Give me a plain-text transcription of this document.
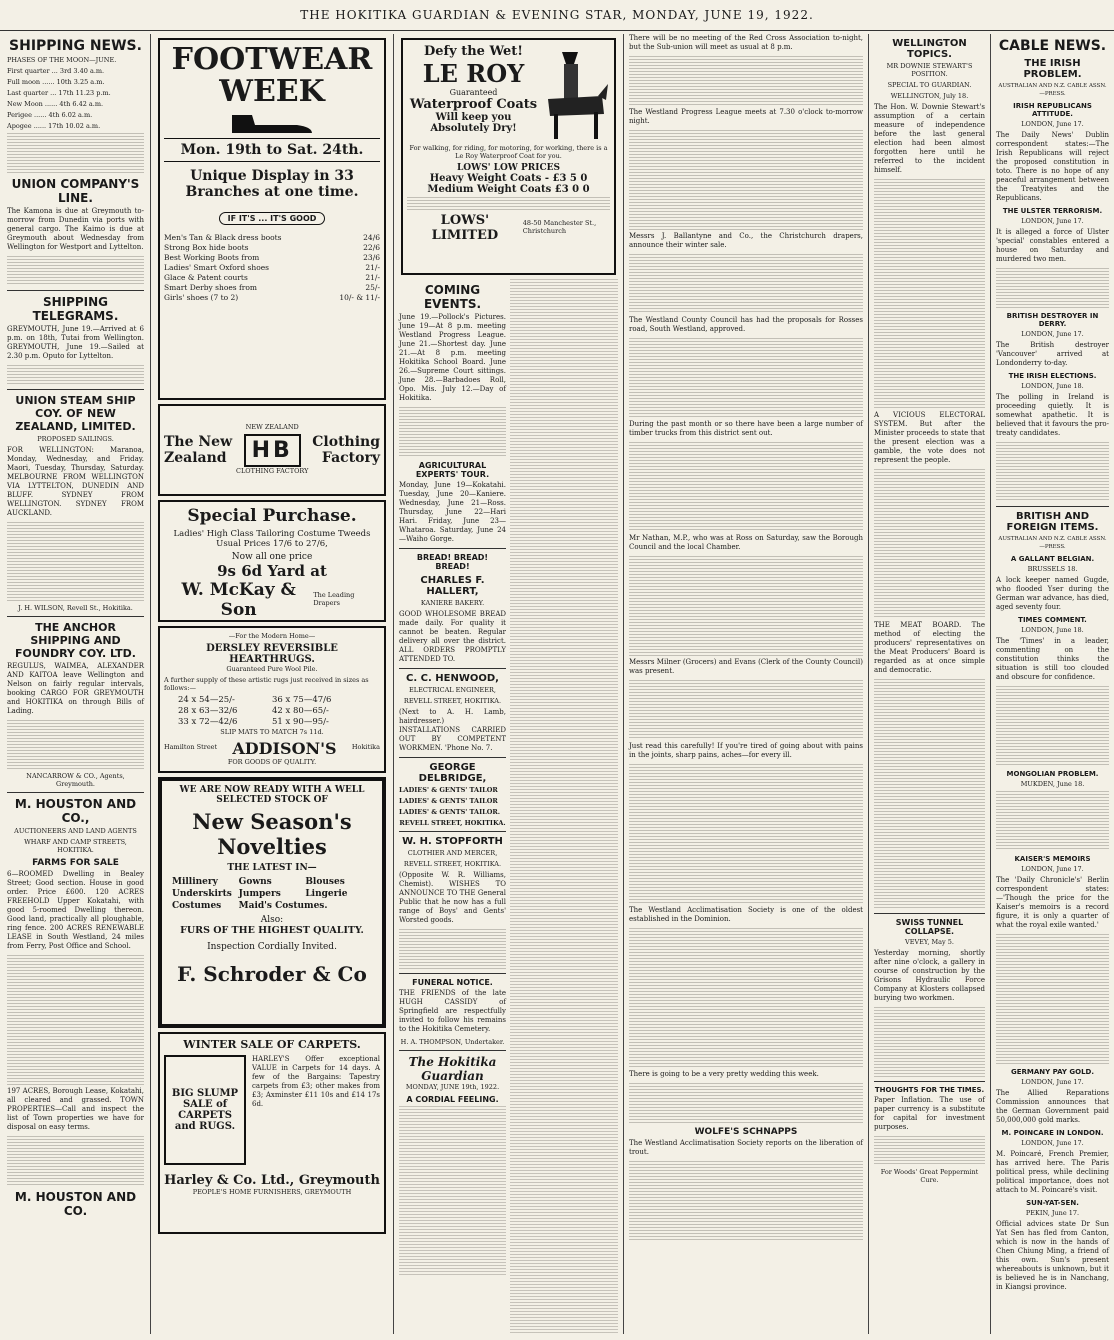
THE HOKITIKA GUARDIAN & EVENING STAR, MONDAY, JUNE 19, 1922.
SHIPPING NEWS.
PHASES OF THE MOON—JUNE.
First quarter ... 3rd 3.40 a.m.
Full moon ...... 10th 3.25 a.m.
Last quarter ... 17th 11.23 p.m.
New Moon ...... 4th 6.42 a.m.
Perigee ...... 4th 6.02 a.m.
Apogee ...... 17th 10.02 a.m.
UNION COMPANY'S LINE.
The Kamona is due at Greymouth to-morrow from Dunedin via ports with general cargo. The Kaimo is due at Greymouth about Wednesday from Wellington for Westport and Lyttelton.
SHIPPING TELEGRAMS.
GREYMOUTH, June 19.—Arrived at 6 p.m. on 18th, Tutai from Wellington. GREYMOUTH, June 19.—Sailed at 2.30 p.m. Oputo for Lyttelton.
UNION STEAM SHIP COY. OF NEW ZEALAND, LIMITED.
PROPOSED SAILINGS.
FOR WELLINGTON: Maranoa, Monday, Wednesday, and Friday. Maori, Tuesday, Thursday, Saturday. MELBOURNE FROM WELLINGTON VIA LYTTELTON, DUNEDIN AND BLUFF. SYDNEY FROM WELLINGTON. SYDNEY FROM AUCKLAND.
J. H. WILSON, Revell St., Hokitika.
THE ANCHOR SHIPPING AND FOUNDRY COY. LTD.
REGULUS, WAIMEA, ALEXANDER AND KAITOA leave Wellington and Nelson on fairly regular intervals, booking CARGO FOR GREYMOUTH and HOKITIKA on through Bills of Lading.
NANCARROW & CO., Agents, Greymouth.
M. HOUSTON AND CO.,
AUCTIONEERS AND LAND AGENTS
WHARF AND CAMP STREETS, HOKITIKA.
FARMS FOR SALE
6—ROOMED Dwelling in Bealey Street; Good section. House in good order. Price £600. 120 ACRES FREEHOLD Upper Kokatahi, with good 5-roomed Dwelling thereon. Good land, practically all ploughable, ring fence. 200 ACRES RENEWABLE LEASE in South Westland, 24 miles from Ferry, Post Office and School.
197 ACRES, Borough Lease, Kokatahi, all cleared and grassed. TOWN PROPERTIES—Call and inspect the list of Town properties we have for disposal on easy terms.
M. HOUSTON AND CO.
FOOTWEAR WEEK
Mon. 19th to Sat. 24th.
Unique Display in 33 Branches at one time.
IF IT'S ... IT'S GOOD
Men's Tan & Black dress boots	24/6
Strong Box hide boots	22/6
Best Working Boots from	23/6
Ladies' Smart Oxford shoes	21/-
Glace & Patent courts	21/-
Smart Derby shoes from	25/-
Girls' shoes (7 to 2)	10/- & 11/-
The New
Zealand
NEW ZEALAND
HB
CLOTHING FACTORY
Clothing
Factory
Special Purchase.
Ladies' High Class Tailoring Costume Tweeds Usual Prices 17/6 to 27/6,
Now all one price
9s 6d Yard at
W. McKay & Son
The Leading Drapers
—For the Modern Home—
DERSLEY REVERSIBLE HEARTHRUGS.
Guaranteed Pure Wool Pile.
A further supply of these artistic rugs just received in sizes as follows:—
24 x 54—25/-	36 x 75—47/6
28 x 63—32/6	42 x 80—65/-
33 x 72—42/6	51 x 90—95/-
SLIP MATS TO MATCH 7s 11d.
Hamilton Street ADDISON'S Hokitika
FOR GOODS OF QUALITY.
WE ARE NOW READY WITH A WELL SELECTED STOCK OF
New Season's Novelties
THE LATEST IN—
Millinery	Gowns	Blouses
Underskirts Jumpers	Lingerie
Costumes	Maid's Costumes.
Also:
FURS OF THE HIGHEST QUALITY.
Inspection Cordially Invited.
F. Schroder & Co
WINTER SALE OF CARPETS.
BIG SLUMP SALE of CARPETS and RUGS.
HARLEY'S Offer exceptional VALUE in Carpets for 14 days. A few of the Bargains: Tapestry carpets from £3; other makes from £3; Axminster £11 10s and £14 17s 6d.
Harley & Co. Ltd., Greymouth
PEOPLE'S HOME FURNISHERS, GREYMOUTH
Defy the Wet!
LE ROY
Guaranteed
Waterproof Coats
Will keep you Absolutely Dry!
For walking, for riding, for motoring, for working, there is a Le Roy Waterproof Coat for you.
LOWS' LOW PRICES
Heavy Weight Coats - £3 5 0
Medium Weight Coats £3 0 0
LOWS' LIMITED
48-50 Manchester St., Christchurch
COMING EVENTS.
June 19.—Pollock's Pictures. June 19—At 8 p.m. meeting Westland Progress League. June 21.—Shortest day. June 21.—At 8 p.m. meeting Hokitika School Board. June 26.—Supreme Court sittings. June 28.—Barbadoes Roll, Opo. Mis. July 12.—Day of Hokitika.
AGRICULTURAL EXPERTS' TOUR.
Monday, June 19—Kokatahi. Tuesday, June 20—Kaniere. Wednesday, June 21—Ross. Thursday, June 22—Hari Hari. Friday, June 23—Whataroa. Saturday, June 24—Waiho Gorge.
BREAD! BREAD! BREAD!
CHARLES F. HALLERT,
KANIERE BAKERY.
GOOD WHOLESOME BREAD made daily. For quality it cannot be beaten. Regular delivery all over the district. ALL ORDERS PROMPTLY ATTENDED TO.
C. C. HENWOOD,
ELECTRICAL ENGINEER,
REVELL STREET, HOKITIKA.
(Next to A. H. Lamb, hairdresser.) INSTALLATIONS CARRIED OUT BY COMPETENT WORKMEN. 'Phone No. 7.
GEORGE DELBRIDGE,
LADIES' & GENTS' TAILOR
LADIES' & GENTS' TAILOR
LADIES' & GENTS' TAILOR.
REVELL STREET, HOKITIKA.
W. H. STOPFORTH
CLOTHIER AND MERCER,
REVELL STREET, HOKITIKA.
(Opposite W. R. Williams, Chemist). WISHES TO ANNOUNCE TO THE General Public that he now has a full range of Boys' and Gents' Worsted goods.
FUNERAL NOTICE.
THE FRIENDS of the late HUGH CASSIDY of Springfield are respectfully invited to follow his remains to the Hokitika Cemetery.
H. A. THOMPSON, Undertaker.
The Hokitika Guardian
MONDAY, JUNE 19th, 1922.
A CORDIAL FEELING.
There will be no meeting of the Red Cross Association to-night, but the Sub-union will meet as usual at 8 p.m.
The Westland Progress League meets at 7.30 o'clock to-morrow night.
Messrs J. Ballantyne and Co., the Christchurch drapers, announce their winter sale.
The Westland County Council has had the proposals for Rosses road, South Westland, approved.
During the past month or so there have been a large number of timber trucks from this district sent out.
Mr Nathan, M.P., who was at Ross on Saturday, saw the Borough Council and the local Chamber.
Messrs Milner (Grocers) and Evans (Clerk of the County Council) was present.
Just read this carefully! If you're tired of going about with pains in the joints, sharp pains, aches—for every ill.
The Westland Acclimatisation Society is one of the oldest established in the Dominion.
There is going to be a very pretty wedding this week.
WOLFE'S SCHNAPPS
The Westland Acclimatisation Society reports on the liberation of trout.
WELLINGTON TOPICS.
MR DOWNIE STEWART'S POSITION.
SPECIAL TO GUARDIAN.
WELLINGTON, July 18.
The Hon. W. Downie Stewart's assumption of a certain measure of independence before the last general election had been almost forgotten here until he referred to the incident himself.
A VICIOUS ELECTORAL SYSTEM. But after the Minister proceeds to state that the present election was a gamble, the vote does not represent the people.
THE MEAT BOARD. The method of electing the producers' representatives on the Meat Producers' Board is regarded as at once simple and democratic.
SWISS TUNNEL COLLAPSE.
VEVEY, May 5.
Yesterday morning, shortly after nine o'clock, a gallery in course of construction by the Grisons Hydraulic Force Company at Klosters collapsed burying two workmen.
THOUGHTS FOR THE TIMES.
Paper Inflation. The use of paper currency is a substitute for capital for investment purposes.
For Woods' Great Peppermint Cure.
CABLE NEWS.
THE IRISH PROBLEM.
AUSTRALIAN AND N.Z. CABLE ASSN.—PRESS.
IRISH REPUBLICANS ATTITUDE.
LONDON, June 17.
The Daily News' Dublin correspondent states:—The Irish Republicans will reject the proposed constitution in toto. There is no hope of any peaceful arrangement between the Treatyites and the Republicans.
THE ULSTER TERRORISM.
LONDON, June 17.
It is alleged a force of Ulster 'special' constables entered a house on Saturday and murdered two men.
BRITISH DESTROYER IN DERRY.
LONDON, June 17.
The British destroyer 'Vancouver' arrived at Londonderry to-day.
THE IRISH ELECTIONS.
LONDON, June 18.
The polling in Ireland is proceeding quietly. It is somewhat apathetic. It is believed that it favours the pro-treaty candidates.
BRITISH AND FOREIGN ITEMS.
AUSTRALIAN AND N.Z. CABLE ASSN.—PRESS.
A GALLANT BELGIAN.
BRUSSELS 18.
A lock keeper named Gugde, who flooded Yser during the German war advance, has died, aged seventy four.
TIMES COMMENT.
LONDON, June 18.
The 'Times' in a leader, commenting on the constitution thinks the situation is still too clouded and obscure for confidence.
MONGOLIAN PROBLEM.
MUKDEN, June 18.
KAISER'S MEMOIRS
LONDON, June 17.
The 'Daily Chronicle's' Berlin correspondent states:—'Though the price for the Kaiser's memoirs is a record figure, it is only a quarter of what the royal exile wanted.'
GERMANY PAY GOLD.
LONDON, June 17.
The Allied Reparations Commission announces that the German Government paid 50,000,000 gold marks.
M. POINCARE IN LONDON.
LONDON, June 17.
M. Poincaré, French Premier, has arrived here. The Paris political press, while declining political importance, does not attach to M. Poincaré's visit.
SUN-YAT-SEN.
PEKIN, June 17.
Official advices state Dr Sun Yat Sen has fled from Canton, which is now in the hands of Chen Chiung Ming, a friend of this own. Sun's present whereabouts is unknown, but it is believed he is in Nanchang, in Kiangsi province.
